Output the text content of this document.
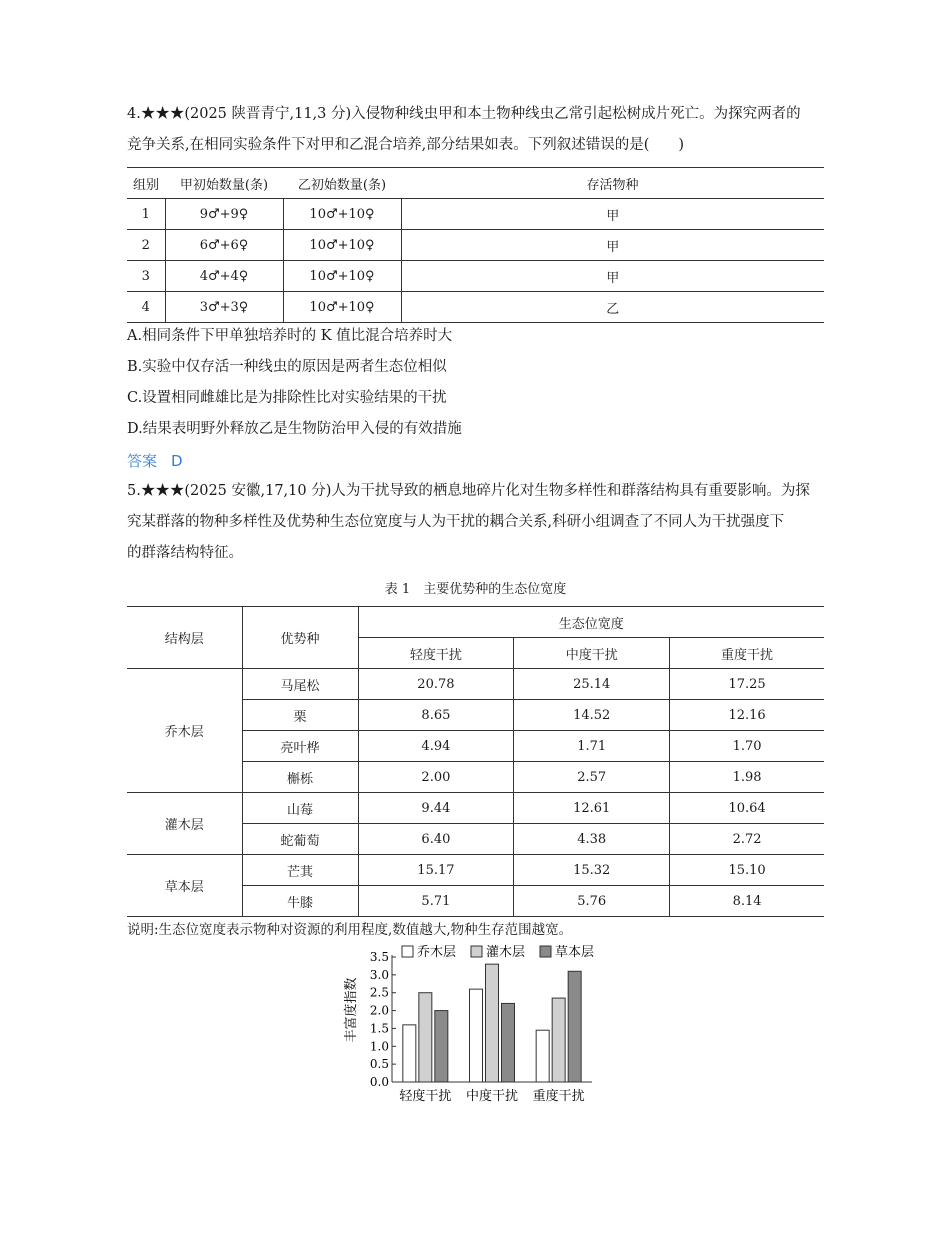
4.★★★(2025 陕晋青宁,11,3 分)入侵物种线虫甲和本土物种线虫乙常引起松树成片死亡。为探究两者的
竞争关系,在相同实验条件下对甲和乙混合培养,部分结果如表。下列叙述错误的是(　　)
组别	甲初始数量(条)	乙初始数量(条)	存活物种
1	9♂+9♀	10♂+10♀	甲
2	6♂+6♀	10♂+10♀	甲
3	4♂+4♀	10♂+10♀	甲
4	3♂+3♀	10♂+10♀	乙
A.相同条件下甲单独培养时的 K 值比混合培养时大
B.实验中仅存活一种线虫的原因是两者生态位相似
C.设置相同雌雄比是为排除性比对实验结果的干扰
D.结果表明野外释放乙是生物防治甲入侵的有效措施
答案 D
5.★★★(2025 安徽,17,10 分)人为干扰导致的栖息地碎片化对生物多样性和群落结构具有重要影响。为探
究某群落的物种多样性及优势种生态位宽度与人为干扰的耦合关系,科研小组调查了不同人为干扰强度下
的群落结构特征。
表 1　主要优势种的生态位宽度
结构层	优势种	生态位宽度		
		轻度干扰	中度干扰	重度干扰
乔木层	马尾松	20.78	25.14	17.25
	栗	8.65	14.52	12.16
	亮叶桦	4.94	1.71	1.70
	槲栎	2.00	2.57	1.98
灌木层	山莓	9.44	12.61	10.64
	蛇葡萄	6.40	4.38	2.72
草本层	芒萁	15.17	15.32	15.10
	牛膝	5.71	5.76	8.14
说明:生态位宽度表示物种对资源的利用程度,数值越大,物种生存范围越宽。
乔木层 灌木层 草本层
0.0
0.5
1.0
1.5
2.0
2.5
3.0
3.5
轻度干扰 中度干扰 重度干扰
丰富度指数
